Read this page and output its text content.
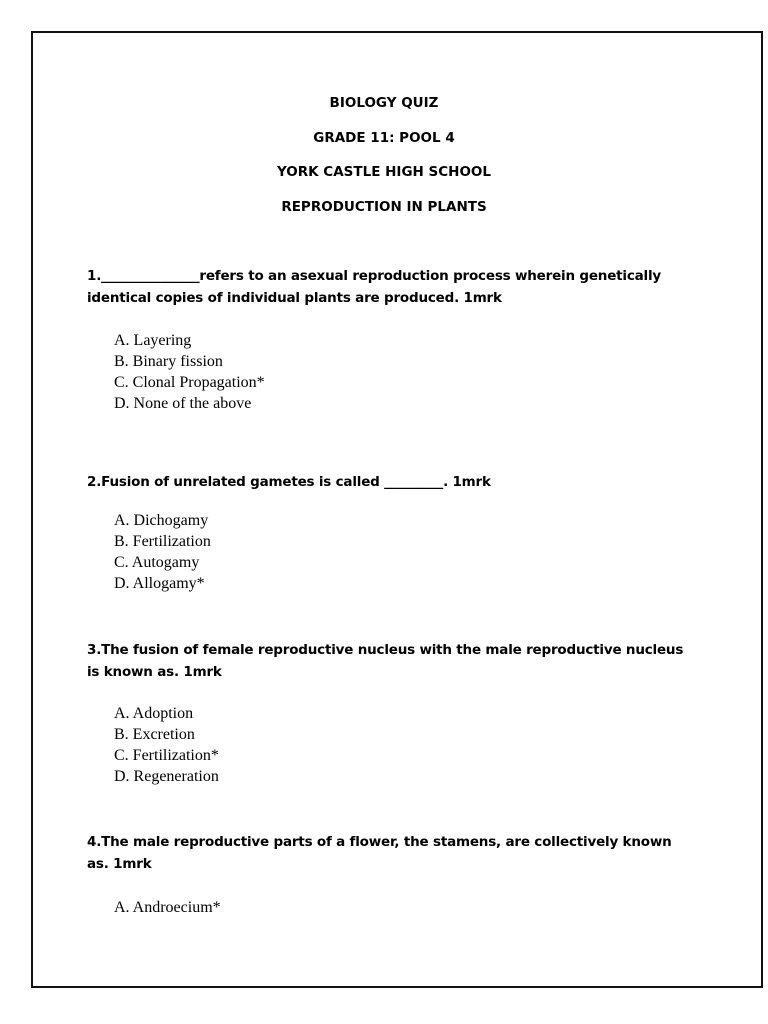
BIOLOGY QUIZ
GRADE 11: POOL 4
YORK CASTLE HIGH SCHOOL
REPRODUCTION IN PLANTS
1._______________refers to an asexual reproduction process wherein genetically
identical copies of individual plants are produced. 1mrk
A. Layering
B. Binary fission
C. Clonal Propagation*
D. None of the above
2.Fusion of unrelated gametes is called _________. 1mrk
A. Dichogamy
B. Fertilization
C. Autogamy
D. Allogamy*
3.The fusion of female reproductive nucleus with the male reproductive nucleus
is known as. 1mrk
A. Adoption
B. Excretion
C. Fertilization*
D. Regeneration
4.The male reproductive parts of a flower, the stamens, are collectively known
as. 1mrk
A. Androecium*
